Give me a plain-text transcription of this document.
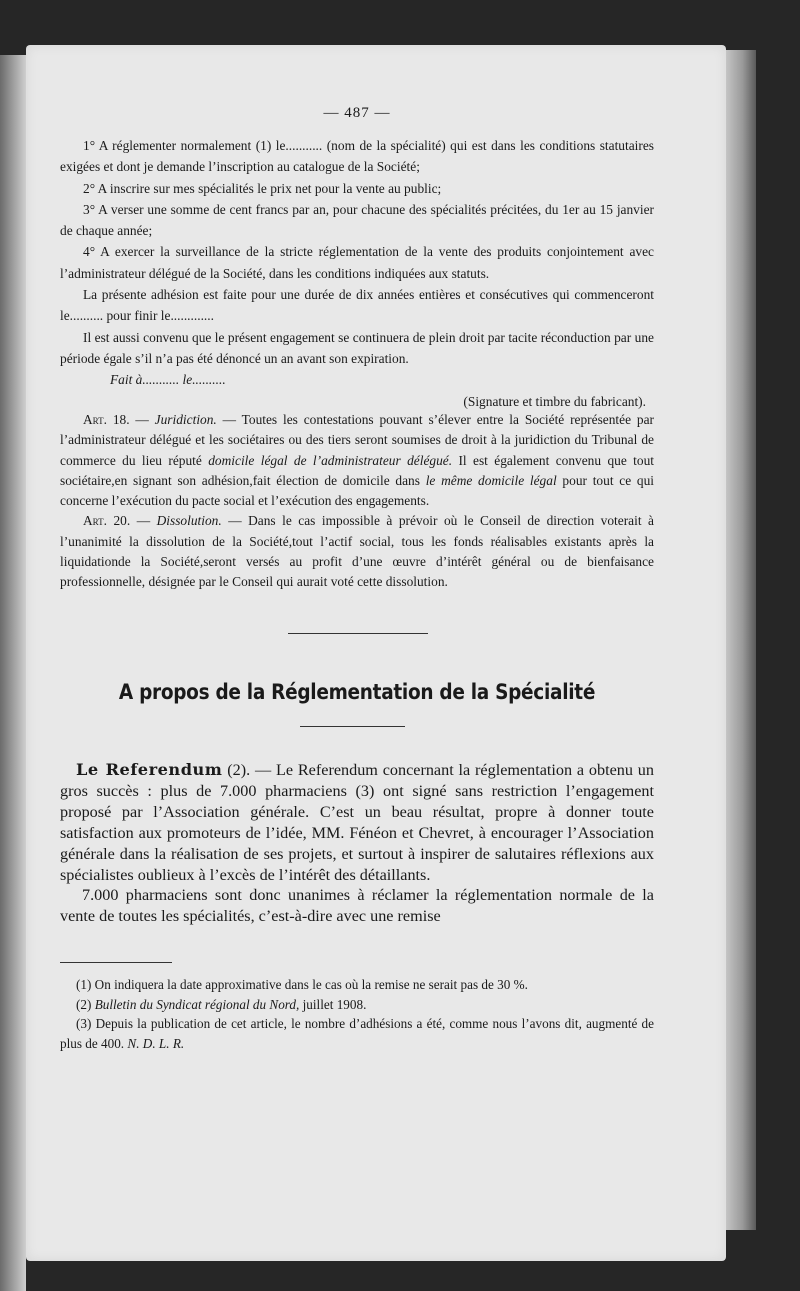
— 487 —

1° A réglementer normalement (1) le........... (nom de la spécialité) qui est dans les conditions statutaires exigées et dont je demande l’inscription au catalogue de la Société;

2° A inscrire sur mes spécialités le prix net pour la vente au public;

3° A verser une somme de cent francs par an, pour chacune des spécialités précitées, du 1er au 15 janvier de chaque année;

4° A exercer la surveillance de la stricte réglementation de la vente des produits conjointement avec l’administrateur délégué de la Société, dans les conditions indiquées aux statuts.

La présente adhésion est faite pour une durée de dix années entières et consécutives qui commenceront le.......... pour finir le.............

Il est aussi convenu que le présent engagement se continuera de plein droit par tacite réconduction par une période égale s’il n’a pas été dénoncé un an avant son expiration.

Fait à........... le..........

(Signature et timbre du fabricant).

Art. 18. — Juridiction. — Toutes les contestations pouvant s’élever entre la Société représentée par l’administrateur délégué et les sociétaires ou des tiers seront soumises de droit à la juridiction du Tribunal de commerce du lieu réputé domicile légal de l’administrateur délégué. Il est également convenu que tout sociétaire,en signant son adhésion,fait élection de domicile dans le même domicile légal pour tout ce qui concerne l’exécution du pacte social et l’exécution des engagements.

Art. 20. — Dissolution. — Dans le cas impossible à prévoir où le Conseil de direction voterait à l’unanimité la dissolution de la Société,tout l’actif social, tous les fonds réalisables existants après la liquidationde la Société,seront versés au profit d’une œuvre d’intérêt général ou de bienfaisance professionnelle, désignée par le Conseil qui aurait voté cette dissolution.

A propos de la Réglementation de la Spécialité

Le Referendum (2). — Le Referendum concernant la réglementation a obtenu un gros succès : plus de 7.000 pharmaciens (3) ont signé sans restriction l’engagement proposé par l’Association générale. C’est un beau résultat, propre à donner toute satisfaction aux promoteurs de l’idée, MM. Fénéon et Chevret, à encourager l’Association générale dans la réalisation de ses projets, et surtout à inspirer de salutaires réflexions aux spécialistes oublieux à l’excès de l’intérêt des détaillants.

7.000 pharmaciens sont donc unanimes à réclamer la réglementation normale de la vente de toutes les spécialités, c’est-à-dire avec une remise

(1) On indiquera la date approximative dans le cas où la remise ne serait pas de 30 %.

(2) Bulletin du Syndicat régional du Nord, juillet 1908.

(3) Depuis la publication de cet article, le nombre d’adhésions a été, comme nous l’avons dit, augmenté de plus de 400. N. D. L. R.
